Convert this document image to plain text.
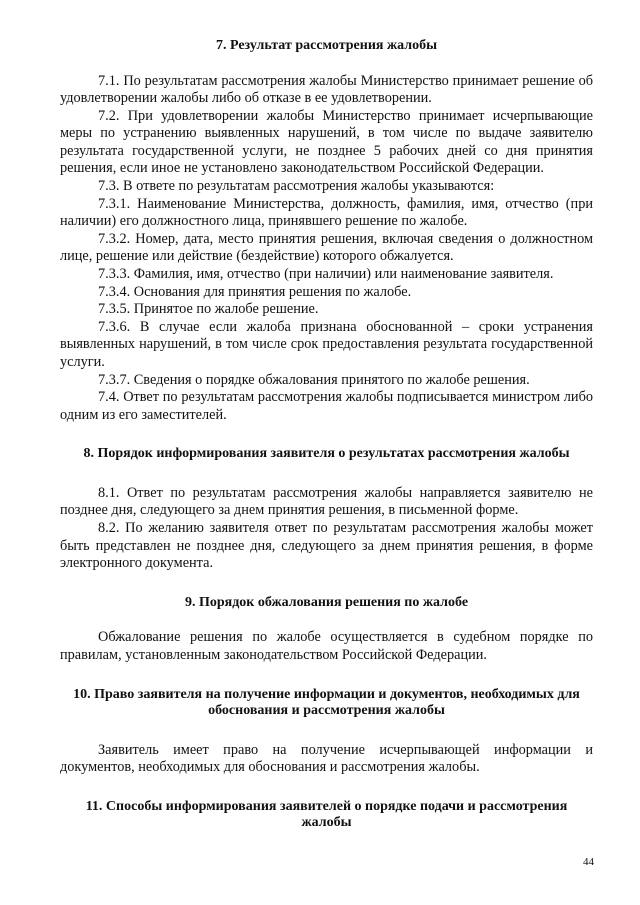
7. Результат рассмотрения жалобы

7.1. По результатам рассмотрения жалобы Министерство принимает решение об удовлетворении жалобы либо об отказе в ее удовлетворении.

7.2. При удовлетворении жалобы Министерство принимает исчерпывающие меры по устранению выявленных нарушений, в том числе по выдаче заявителю результата государственной услуги, не позднее 5 рабочих дней со дня принятия решения, если иное не установлено законодательством Российской Федерации.

7.3. В ответе по результатам рассмотрения жалобы указываются:

7.3.1. Наименование Министерства, должность, фамилия, имя, отчество (при наличии) его должностного лица, принявшего решение по жалобе.

7.3.2. Номер, дата, место принятия решения, включая сведения о должностном лице, решение или действие (бездействие) которого обжалуется.

7.3.3. Фамилия, имя, отчество (при наличии) или наименование заявителя.

7.3.4. Основания для принятия решения по жалобе.

7.3.5. Принятое по жалобе решение.

7.3.6. В случае если жалоба признана обоснованной – сроки устранения выявленных нарушений, в том числе срок предоставления результата государственной услуги.

7.3.7. Сведения о порядке обжалования принятого по жалобе решения.

7.4. Ответ по результатам рассмотрения жалобы подписывается министром либо одним из его заместителей.

8. Порядок информирования заявителя о результатах рассмотрения жалобы

8.1. Ответ по результатам рассмотрения жалобы направляется заявителю не позднее дня, следующего за днем принятия решения, в письменной форме.

8.2. По желанию заявителя ответ по результатам рассмотрения жалобы может быть представлен не позднее дня, следующего за днем принятия решения, в форме электронного документа.

9. Порядок обжалования решения по жалобе

Обжалование решения по жалобе осуществляется в судебном порядке по правилам, установленным законодательством Российской Федерации.

10. Право заявителя на получение информации и документов, необходимых для обоснования и рассмотрения жалобы

Заявитель имеет право на получение исчерпывающей информации и документов, необходимых для обоснования и рассмотрения жалобы.

11. Способы информирования заявителей о порядке подачи и рассмотрения жалобы
44
